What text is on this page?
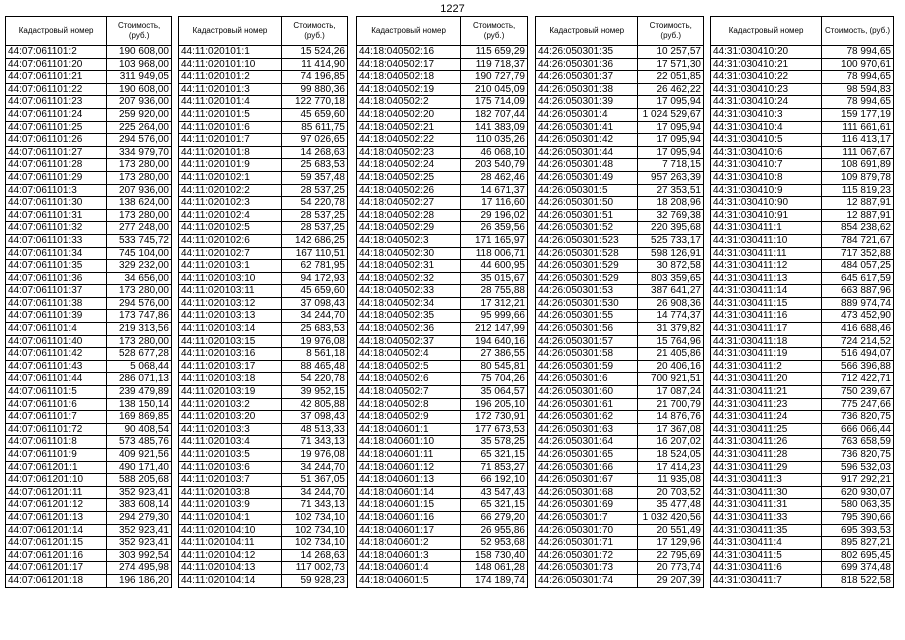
1227
Кадастровый номер	Стоимость, (руб.)
44:07:061101:2	190 608,00
44:07:061101:20	103 968,00
44:07:061101:21	311 949,05
44:07:061101:22	190 608,00
44:07:061101:23	207 936,00
44:07:061101:24	259 920,00
44:07:061101:25	225 264,00
44:07:061101:26	294 576,00
44:07:061101:27	334 979,70
44:07:061101:28	173 280,00
44:07:061101:29	173 280,00
44:07:061101:3	207 936,00
44:07:061101:30	138 624,00
44:07:061101:31	173 280,00
44:07:061101:32	277 248,00
44:07:061101:33	533 745,72
44:07:061101:34	745 104,00
44:07:061101:35	329 232,00
44:07:061101:36	34 656,00
44:07:061101:37	173 280,00
44:07:061101:38	294 576,00
44:07:061101:39	173 747,86
44:07:061101:4	219 313,56
44:07:061101:40	173 280,00
44:07:061101:42	528 677,28
44:07:061101:43	5 068,44
44:07:061101:44	286 071,13
44:07:061101:5	239 479,89
44:07:061101:6	138 150,14
44:07:061101:7	169 869,85
44:07:061101:72	90 408,54
44:07:061101:8	573 485,76
44:07:061101:9	409 921,56
44:07:061201:1	490 171,40
44:07:061201:10	588 205,68
44:07:061201:11	352 923,41
44:07:061201:12	383 608,14
44:07:061201:13	294 279,30
44:07:061201:14	352 923,41
44:07:061201:15	352 923,41
44:07:061201:16	303 992,54
44:07:061201:17	274 495,98
44:07:061201:18	196 186,20
Кадастровый номер	Стоимость, (руб.)
44:11:020101:1	15 524,26
44:11:020101:10	11 414,90
44:11:020101:2	74 196,85
44:11:020101:3	99 880,36
44:11:020101:4	122 770,18
44:11:020101:5	45 659,60
44:11:020101:6	85 611,75
44:11:020101:7	97 026,65
44:11:020101:8	14 268,63
44:11:020101:9	25 683,53
44:11:020102:1	59 357,48
44:11:020102:2	28 537,25
44:11:020102:3	54 220,78
44:11:020102:4	28 537,25
44:11:020102:5	28 537,25
44:11:020102:6	142 686,25
44:11:020102:7	167 110,51
44:11:020103:1	62 781,95
44:11:020103:10	94 172,93
44:11:020103:11	45 659,60
44:11:020103:12	37 098,43
44:11:020103:13	34 244,70
44:11:020103:14	25 683,53
44:11:020103:15	19 976,08
44:11:020103:16	8 561,18
44:11:020103:17	88 465,48
44:11:020103:18	54 220,78
44:11:020103:19	39 952,15
44:11:020103:2	42 805,88
44:11:020103:20	37 098,43
44:11:020103:3	48 513,33
44:11:020103:4	71 343,13
44:11:020103:5	19 976,08
44:11:020103:6	34 244,70
44:11:020103:7	51 367,05
44:11:020103:8	34 244,70
44:11:020103:9	71 343,13
44:11:020104:1	102 734,10
44:11:020104:10	102 734,10
44:11:020104:11	102 734,10
44:11:020104:12	14 268,63
44:11:020104:13	117 002,73
44:11:020104:14	59 928,23
Кадастровый номер	Стоимость, (руб.)
44:18:040502:16	115 659,29
44:18:040502:17	119 718,37
44:18:040502:18	190 727,79
44:18:040502:19	210 045,09
44:18:040502:2	175 714,09
44:18:040502:20	182 707,44
44:18:040502:21	141 383,09
44:18:040502:22	110 035,26
44:18:040502:23	46 068,10
44:18:040502:24	203 540,79
44:18:040502:25	28 462,46
44:18:040502:26	14 671,37
44:18:040502:27	17 116,60
44:18:040502:28	29 196,02
44:18:040502:29	26 359,56
44:18:040502:3	171 165,97
44:18:040502:30	118 006,71
44:18:040502:31	44 600,95
44:18:040502:32	35 015,67
44:18:040502:33	28 755,88
44:18:040502:34	17 312,21
44:18:040502:35	95 999,66
44:18:040502:36	212 147,99
44:18:040502:37	194 640,16
44:18:040502:4	27 386,55
44:18:040502:5	80 545,81
44:18:040502:6	75 704,26
44:18:040502:7	35 064,57
44:18:040502:8	196 205,10
44:18:040502:9	172 730,91
44:18:040601:1	177 673,53
44:18:040601:10	35 578,25
44:18:040601:11	65 321,15
44:18:040601:12	71 853,27
44:18:040601:13	66 192,10
44:18:040601:14	43 547,43
44:18:040601:15	65 321,15
44:18:040601:16	66 279,20
44:18:040601:17	26 955,86
44:18:040601:2	52 953,68
44:18:040601:3	158 730,40
44:18:040601:4	148 061,28
44:18:040601:5	174 189,74
Кадастровый номер	Стоимость, (руб.)
44:26:050301:35	10 257,57
44:26:050301:36	17 571,30
44:26:050301:37	22 051,85
44:26:050301:38	26 462,22
44:26:050301:39	17 095,94
44:26:050301:4	1 024 529,67
44:26:050301:41	17 095,94
44:26:050301:42	17 095,94
44:26:050301:44	17 095,94
44:26:050301:48	7 718,15
44:26:050301:49	957 263,39
44:26:050301:5	27 353,51
44:26:050301:50	18 208,96
44:26:050301:51	32 769,38
44:26:050301:52	220 395,68
44:26:050301:523	525 733,17
44:26:050301:528	598 126,91
44:26:050301:529	30 872,58
44:26:050301:529	803 359,65
44:26:050301:53	387 641,27
44:26:050301:530	26 908,36
44:26:050301:55	14 774,37
44:26:050301:56	31 379,82
44:26:050301:57	15 764,96
44:26:050301:58	21 405,86
44:26:050301:59	20 406,16
44:26:050301:6	700 921,51
44:26:050301:60	17 087,24
44:26:050301:61	21 700,79
44:26:050301:62	14 876,76
44:26:050301:63	17 367,08
44:26:050301:64	16 207,02
44:26:050301:65	18 524,05
44:26:050301:66	17 414,23
44:26:050301:67	11 935,08
44:26:050301:68	20 703,52
44:26:050301:69	35 477,48
44:26:050301:7	1 032 420,56
44:26:050301:70	20 551,49
44:26:050301:71	17 129,96
44:26:050301:72	22 795,69
44:26:050301:73	20 773,74
44:26:050301:74	29 207,39
Кадастровый номер	Стоимость, (руб.)
44:31:030410:20	78 994,65
44:31:030410:21	100 970,61
44:31:030410:22	78 994,65
44:31:030410:23	98 594,83
44:31:030410:24	78 994,65
44:31:030410:3	159 177,19
44:31:030410:4	111 661,61
44:31:030410:5	116 413,17
44:31:030410:6	111 067,67
44:31:030410:7	108 691,89
44:31:030410:8	109 879,78
44:31:030410:9	115 819,23
44:31:030410:90	12 887,91
44:31:030410:91	12 887,91
44:31:030411:1	854 238,62
44:31:030411:10	784 721,67
44:31:030411:11	717 352,88
44:31:030411:12	484 057,25
44:31:030411:13	645 617,59
44:31:030411:14	663 887,96
44:31:030411:15	889 974,74
44:31:030411:16	473 452,90
44:31:030411:17	416 688,46
44:31:030411:18	724 214,52
44:31:030411:19	516 494,07
44:31:030411:2	566 396,88
44:31:030411:20	712 422,71
44:31:030411:21	750 239,67
44:31:030411:23	775 247,66
44:31:030411:24	736 820,75
44:31:030411:25	666 066,44
44:31:030411:26	763 658,59
44:31:030411:28	736 820,75
44:31:030411:29	596 532,03
44:31:030411:3	917 292,21
44:31:030411:30	620 930,07
44:31:030411:31	580 063,35
44:31:030411:33	795 390,66
44:31:030411:35	695 393,53
44:31:030411:4	895 827,21
44:31:030411:5	802 695,45
44:31:030411:6	699 374,48
44:31:030411:7	818 522,58
